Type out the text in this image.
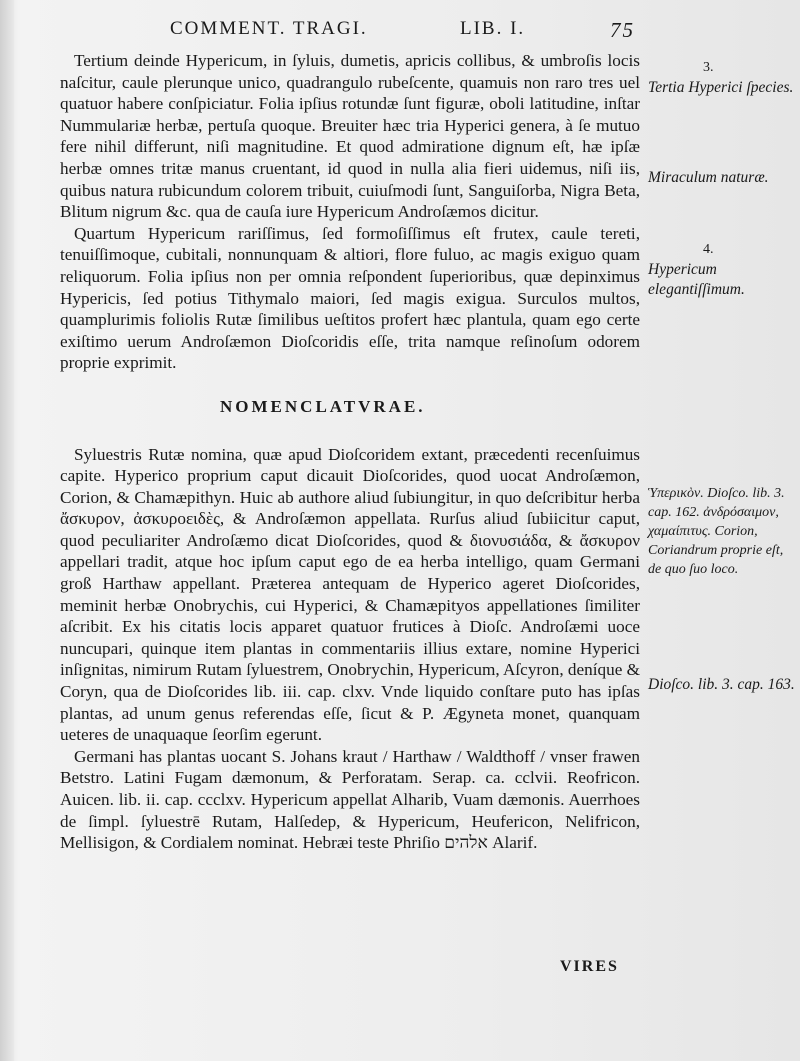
COMMENT. TRAGI.	LIB. I.	75

Tertium deinde Hypericum, in ſyluis, dumetis, apricis collibus, & umbroſis locis naſcitur, caule plerunque unico, quadrangulo rubeſcente, quamuis non raro tres uel quatuor habere conſpiciatur. Folia ipſius rotundæ ſunt figuræ, oboli latitudine, inſtar Nummulariæ herbæ, pertuſa quoque. Breuiter hæc tria Hyperici genera, à ſe mutuo fere nihil differunt, niſi magnitudine. Et quod admiratione dignum eſt, hæ ipſæ herbæ omnes tritæ manus cruentant, id quod in nulla alia fieri uidemus, niſi iis, quibus natura rubicundum colorem tribuit, cuiuſmodi ſunt, Sanguiſorba, Nigra Beta, Blitum nigrum &c. qua de cauſa iure Hypericum Androſæmos dicitur.

Quartum Hypericum rariſſimus, ſed formoſiſſimus eſt frutex, caule tereti, tenuiſſimoque, cubitali, nonnunquam & altiori, flore fuluo, ac magis exiguo quam reliquorum. Folia ipſius non per omnia reſpondent ſuperioribus, quæ depinximus Hypericis, ſed potius Tithymalo maiori, ſed magis exigua. Surculos multos, quamplurimis foliolis Rutæ ſimilibus ueſtitos profert hæc plantula, quam ego certe exiſtimo uerum Androſæmon Dioſcoridis eſſe, trita namque reſinoſum odorem proprie exprimit.

NOMENCLATVRAE.

Syluestris Rutæ nomina, quæ apud Dioſcoridem extant, præcedenti recenſuimus capite. Hyperico proprium caput dicauit Dioſcorides, quod uocat Androſæmon, Corion, & Chamæpithyn. Huic ab authore aliud ſubiungitur, in quo deſcribitur herba ἄσκυρον, ἀσκυροειδὲς, & Androſæmon appellata. Rurſus aliud ſubiicitur caput, quod peculiariter Androſæmo dicat Dioſcorides, quod & διονυσιάδα, & ἄσκυρον appellari tradit, atque hoc ipſum caput ego de ea herba intelligo, quam Germani groß Harthaw appellant. Præterea antequam de Hyperico ageret Dioſcorides, meminit herbæ Onobrychis, cui Hyperici, & Chamæpityos appellationes ſimiliter aſcribit. Ex his citatis locis apparet quatuor frutices à Dioſc. Androſæmi uoce nuncupari, quinque item plantas in commentariis illius extare, nomine Hyperici inſignitas, nimirum Rutam ſyluestrem, Onobrychin, Hypericum, Aſcyron, deníque & Coryn, qua de Dioſcorides lib. iii. cap. clxv. Vnde liquido conſtare puto has ipſas plantas, ad unum genus referendas eſſe, ſicut & P. Ægyneta monet, quanquam ueteres de unaquaque ſeorſim egerunt.

Germani has plantas uocant S. Johans kraut / Harthaw / Waldthoff / vnser frawen Betstro. Latini Fugam dæmonum, & Perforatam. Serap. ca. cclvii. Reofricon. Auicen. lib. ii. cap. ccclxv. Hypericum appellat Alharib, Vuam dæmonis. Auerrhoes de ſimpl. ſyluestrē Rutam, Halſedep, & Hypericum, Heufericon, Nelifricon, Mellisigon, & Cordialem nominat. Hebræi teste Phriſio אלהים Alarif.

VIRES
3.
Tertia Hyperici ſpecies.
Miraculum naturæ.
4.
Hypericum elegantiſſimum.
Ὑπερικὸν. Dioſco. lib. 3. cap. 162. ἀνδρόσαιμον, χαμαίπιτυς. Corion, Coriandrum proprie eſt, de quo ſuo loco.
Dioſco. lib. 3. cap. 163.
